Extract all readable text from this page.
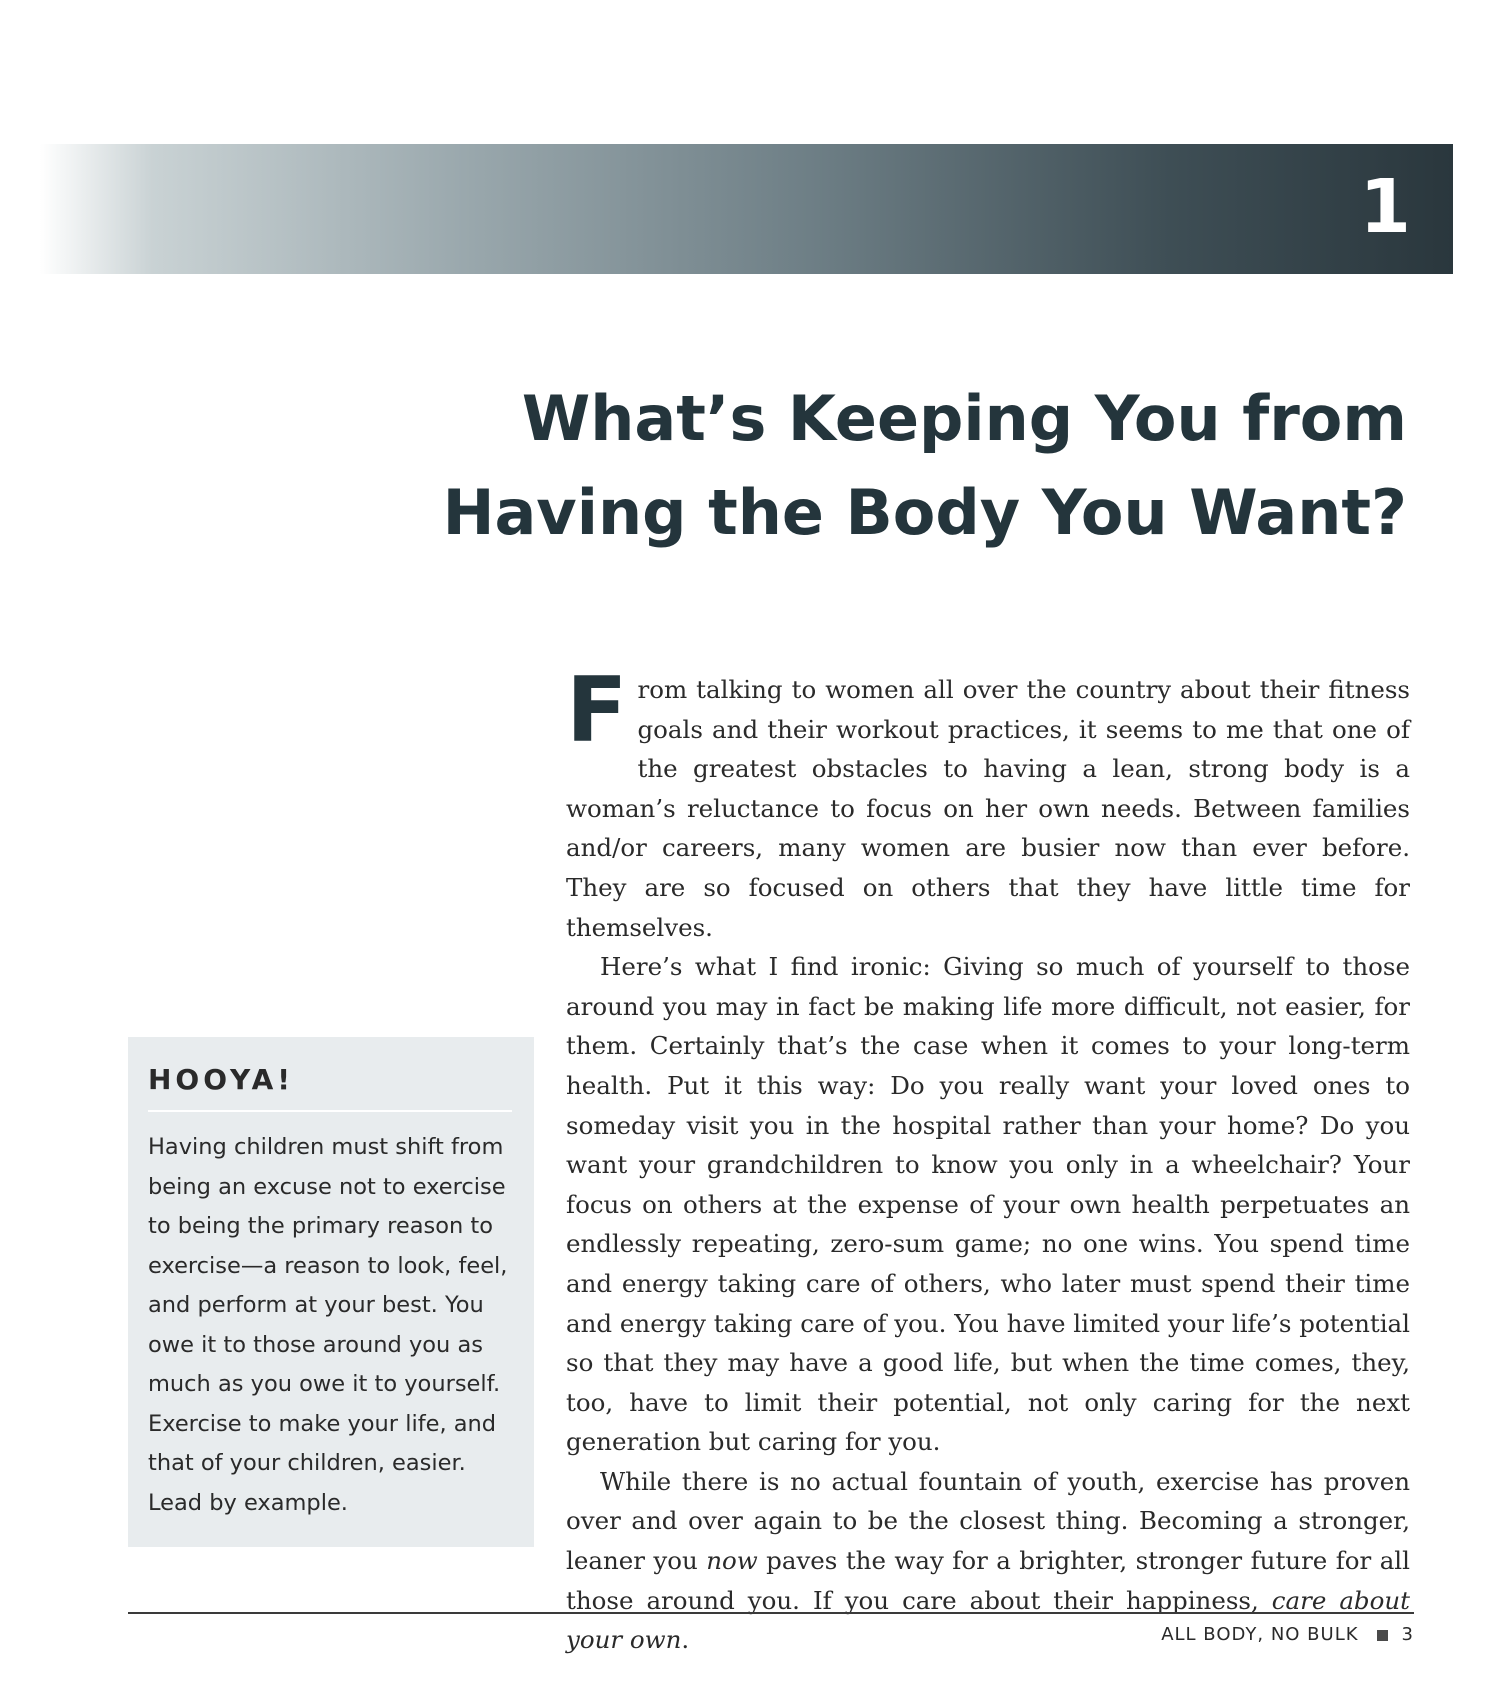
1
What’s Keeping You from
Having the Body You Want?

From talking to women all over the country about their fitness goals and their workout practices, it seems to me that one of the greatest obstacles to having a lean, strong body is a woman’s reluctance to focus on her own needs. Between families and/or careers, many women are busier now than ever before. They are so focused on others that they have little time for themselves.

Here’s what I find ironic: Giving so much of yourself to those around you may in fact be making life more difficult, not easier, for them. Certainly that’s the case when it comes to your long-term health. Put it this way: Do you really want your loved ones to someday visit you in the hospital rather than your home? Do you want your grandchildren to know you only in a wheelchair? Your focus on others at the expense of your own health perpetuates an endlessly repeating, zero-sum game; no one wins. You spend time and energy taking care of others, who later must spend their time and energy taking care of you. You have limited your life’s potential so that they may have a good life, but when the time comes, they, too, have to limit their potential, not only caring for the next generation but caring for you.

While there is no actual fountain of youth, exercise has proven over and over again to be the closest thing. Becoming a stronger, leaner you now paves the way for a brighter, stronger future for all those around you. If you care about their happiness, care about your own.

HOOYA!

Having children must shift from being an excuse not to exercise to being the primary reason to exercise—a reason to look, feel, and perform at your best. You owe it to those around you as much as you owe it to yourself. Exercise to make your life, and that of your children, easier. Lead by example.

ALL BODY, NO BULK 3
